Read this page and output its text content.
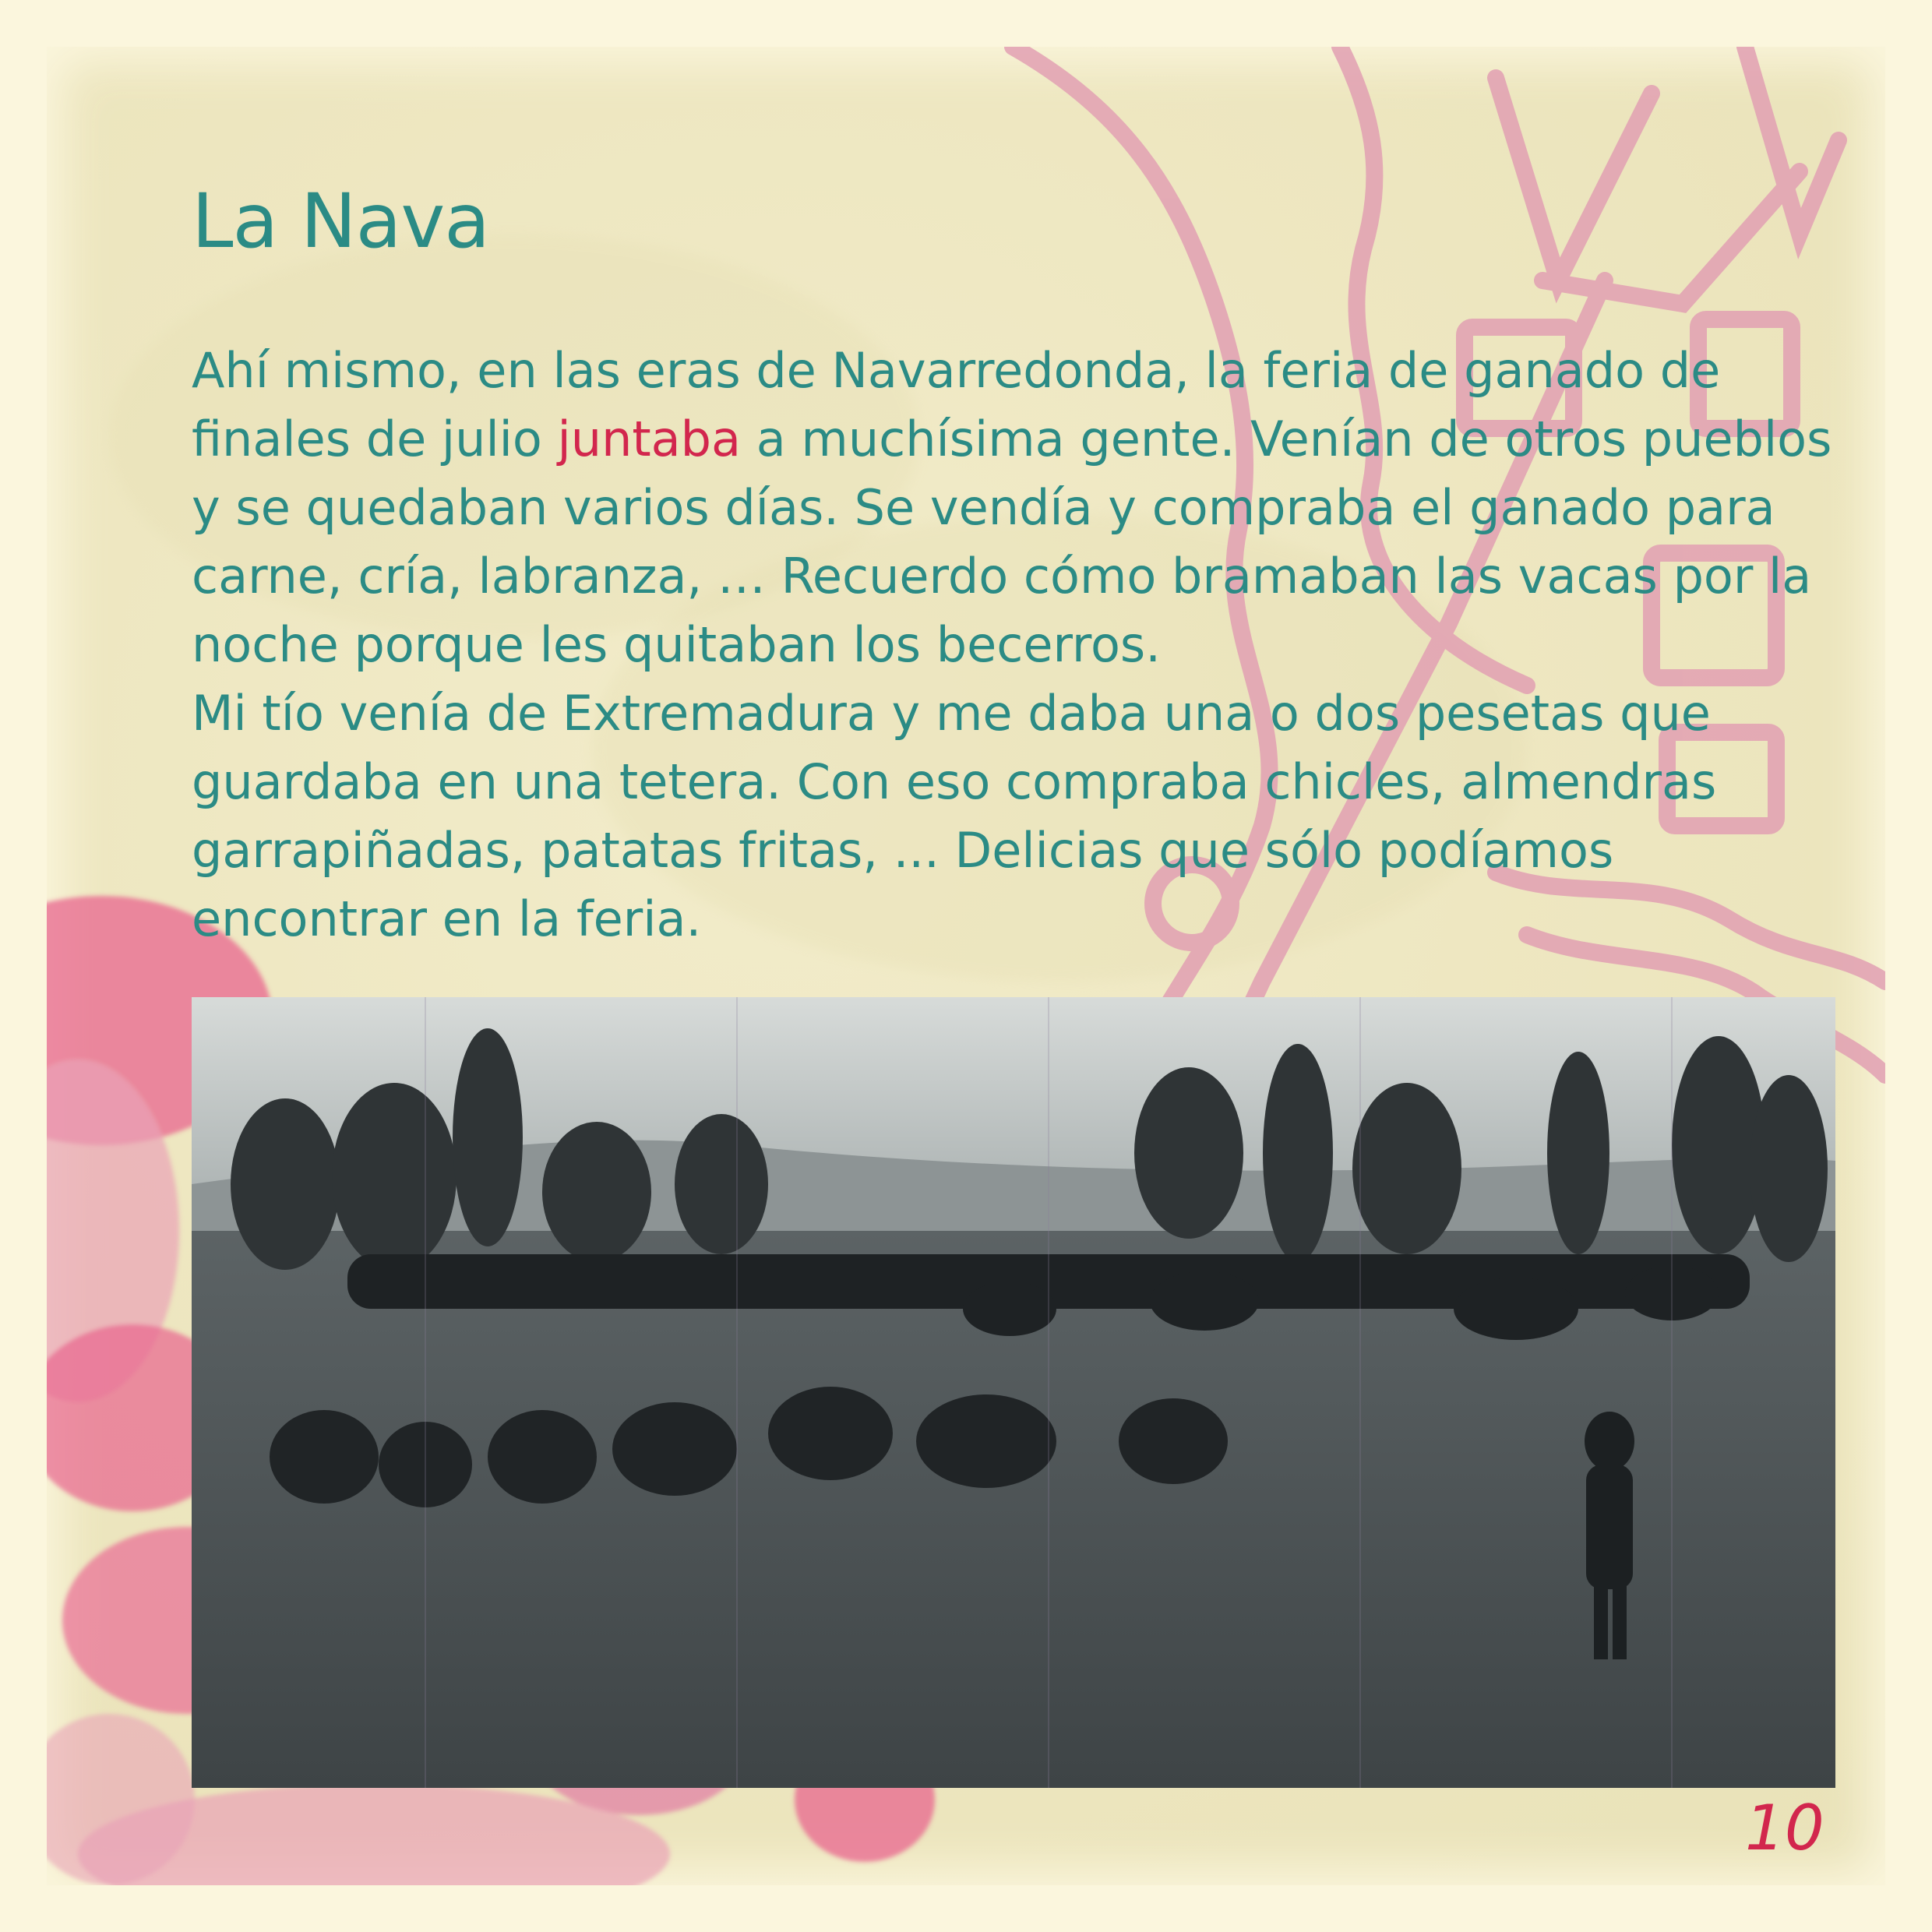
La Nava

Ahí mismo, en las eras de Navarredonda, la feria de ganado de finales de julio juntaba a muchísima gente. Venían de otros pueblos y se quedaban varios días. Se vendía y compraba el ganado para carne, cría, labranza, … Recuerdo cómo bramaban las vacas por la noche porque les quitaban los becerros.

Mi tío venía de Extremadura y me daba una o dos pesetas que guardaba en una tetera. Con eso compraba chicles, almendras garrapiñadas, patatas fritas, ... Delicias que sólo podíamos encontrar en la feria.

10
